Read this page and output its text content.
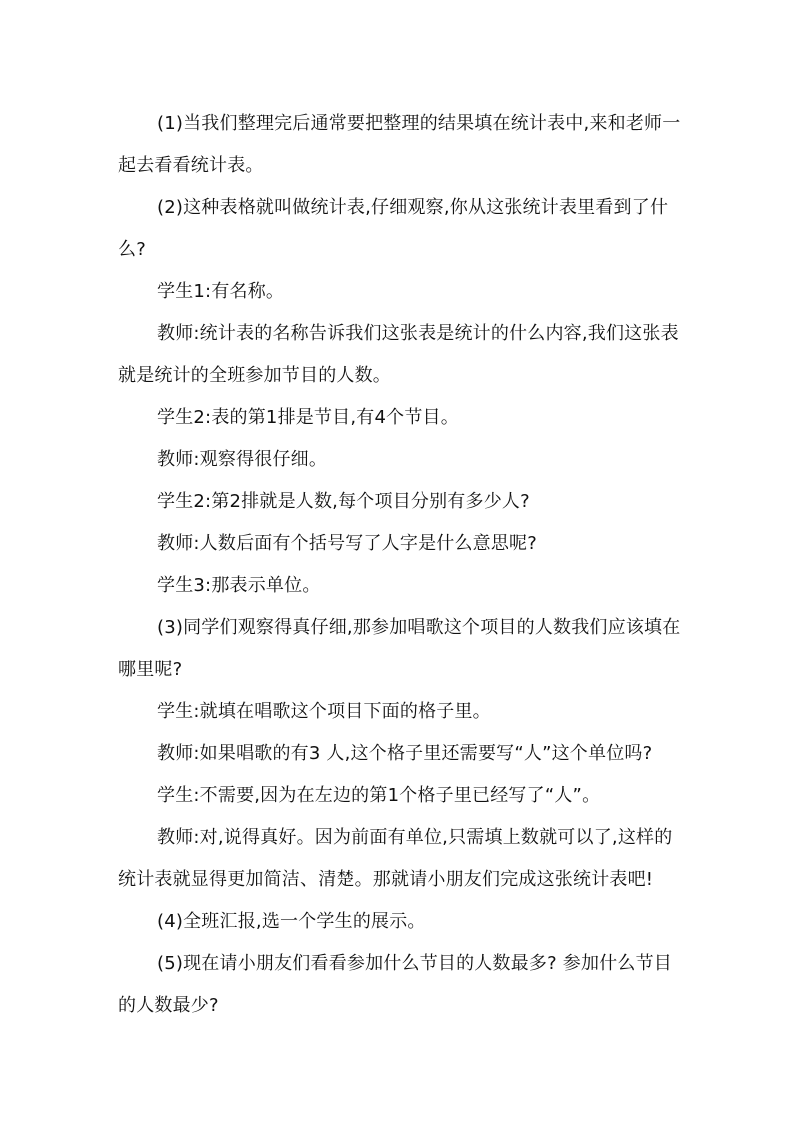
(1)当我们整理完后通常要把整理的结果填在统计表中,来和老师一起去看看统计表。

(2)这种表格就叫做统计表,仔细观察,你从这张统计表里看到了什么?

学生1:有名称。

教师:统计表的名称告诉我们这张表是统计的什么内容,我们这张表就是统计的全班参加节目的人数。

学生2:表的第1排是节目,有4个节目。

教师:观察得很仔细。

学生2:第2排就是人数,每个项目分别有多少人?

教师:人数后面有个括号写了人字是什么意思呢?

学生3:那表示单位。

(3)同学们观察得真仔细,那参加唱歌这个项目的人数我们应该填在哪里呢?

学生:就填在唱歌这个项目下面的格子里。

教师:如果唱歌的有3 人,这个格子里还需要写“人”这个单位吗?

学生:不需要,因为在左边的第1个格子里已经写了“人”。

教师:对,说得真好。因为前面有单位,只需填上数就可以了,这样的统计表就显得更加简洁、清楚。那就请小朋友们完成这张统计表吧!

(4)全班汇报,选一个学生的展示。

(5)现在请小朋友们看看参加什么节目的人数最多? 参加什么节目的人数最少?
